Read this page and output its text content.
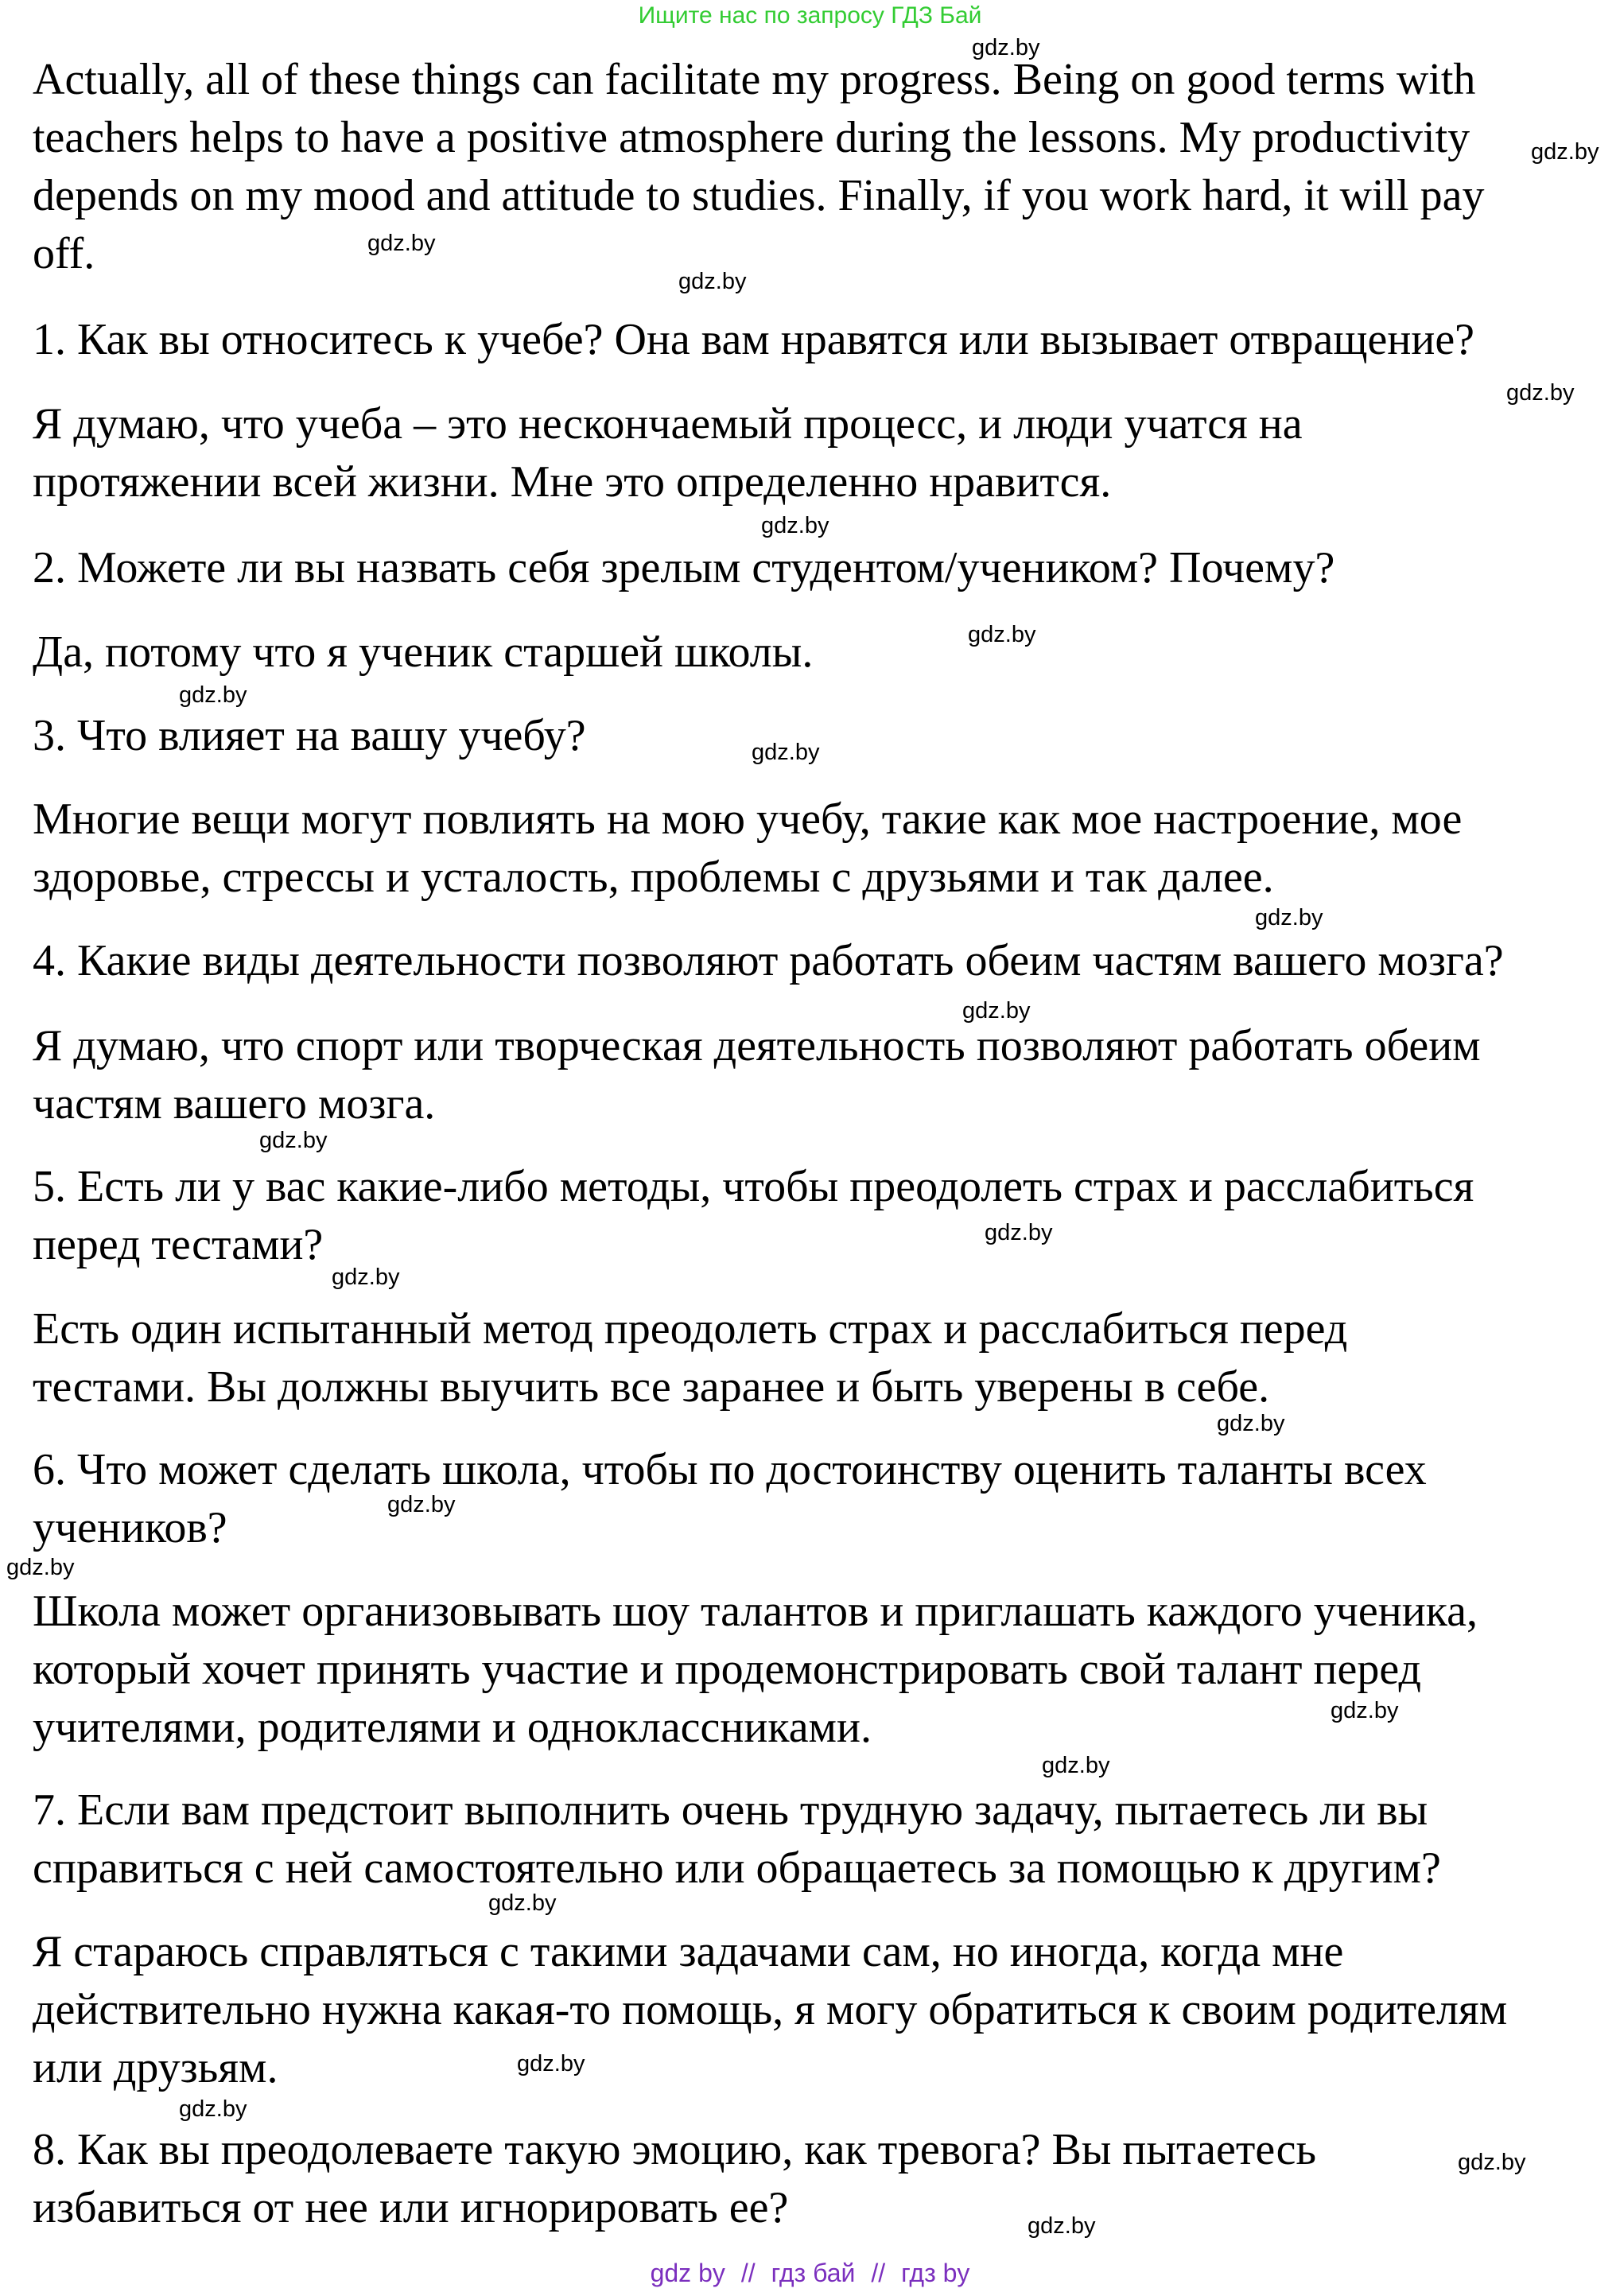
Ищите нас по запросу ГДЗ Бай
Actually, all of these things can facilitate my progress. Being on good terms with
teachers helps to have a positive atmosphere during the lessons. My productivity
depends on my mood and attitude to studies. Finally, if you work hard, it will pay
off.
1. Как вы относитесь к учебе? Она вам нравятся или вызывает отвращение?
Я думаю, что учеба – это нескончаемый процесс, и люди учатся на
протяжении всей жизни. Мне это определенно нравится.
2. Можете ли вы назвать себя зрелым студентом/учеником? Почему?
Да, потому что я ученик старшей школы.
3. Что влияет на вашу учебу?
Многие вещи могут повлиять на мою учебу, такие как мое настроение, мое
здоровье, стрессы и усталость, проблемы с друзьями и так далее.
4. Какие виды деятельности позволяют работать обеим частям вашего мозга?
Я думаю, что спорт или творческая деятельность позволяют работать обеим
частям вашего мозга.
5. Есть ли у вас какие-либо методы, чтобы преодолеть страх и расслабиться
перед тестами?
Есть один испытанный метод преодолеть страх и расслабиться перед
тестами. Вы должны выучить все заранее и быть уверены в себе.
6. Что может сделать школа, чтобы по достоинству оценить таланты всех
учеников?
Школа может организовывать шоу талантов и приглашать каждого ученика,
который хочет принять участие и продемонстрировать свой талант перед
учителями, родителями и одноклассниками.
7. Если вам предстоит выполнить очень трудную задачу, пытаетесь ли вы
справиться с ней самостоятельно или обращаетесь за помощью к другим?
Я стараюсь справляться с такими задачами сам, но иногда, когда мне
действительно нужна какая-то помощь, я могу обратиться к своим родителям
или друзьям.
8. Как вы преодолеваете такую эмоцию, как тревога? Вы пытаетесь
избавиться от нее или игнорировать ее?
gdz.by
gdz.by
gdz.by
gdz.by
gdz.by
gdz.by
gdz.by
gdz.by
gdz.by
gdz.by
gdz.by
gdz.by
gdz.by
gdz.by
gdz.by
gdz.by
gdz.by
gdz.by
gdz.by
gdz.by
gdz.by
gdz.by
gdz.by
gdz.by
gdz by // гдз бай // гдз by
